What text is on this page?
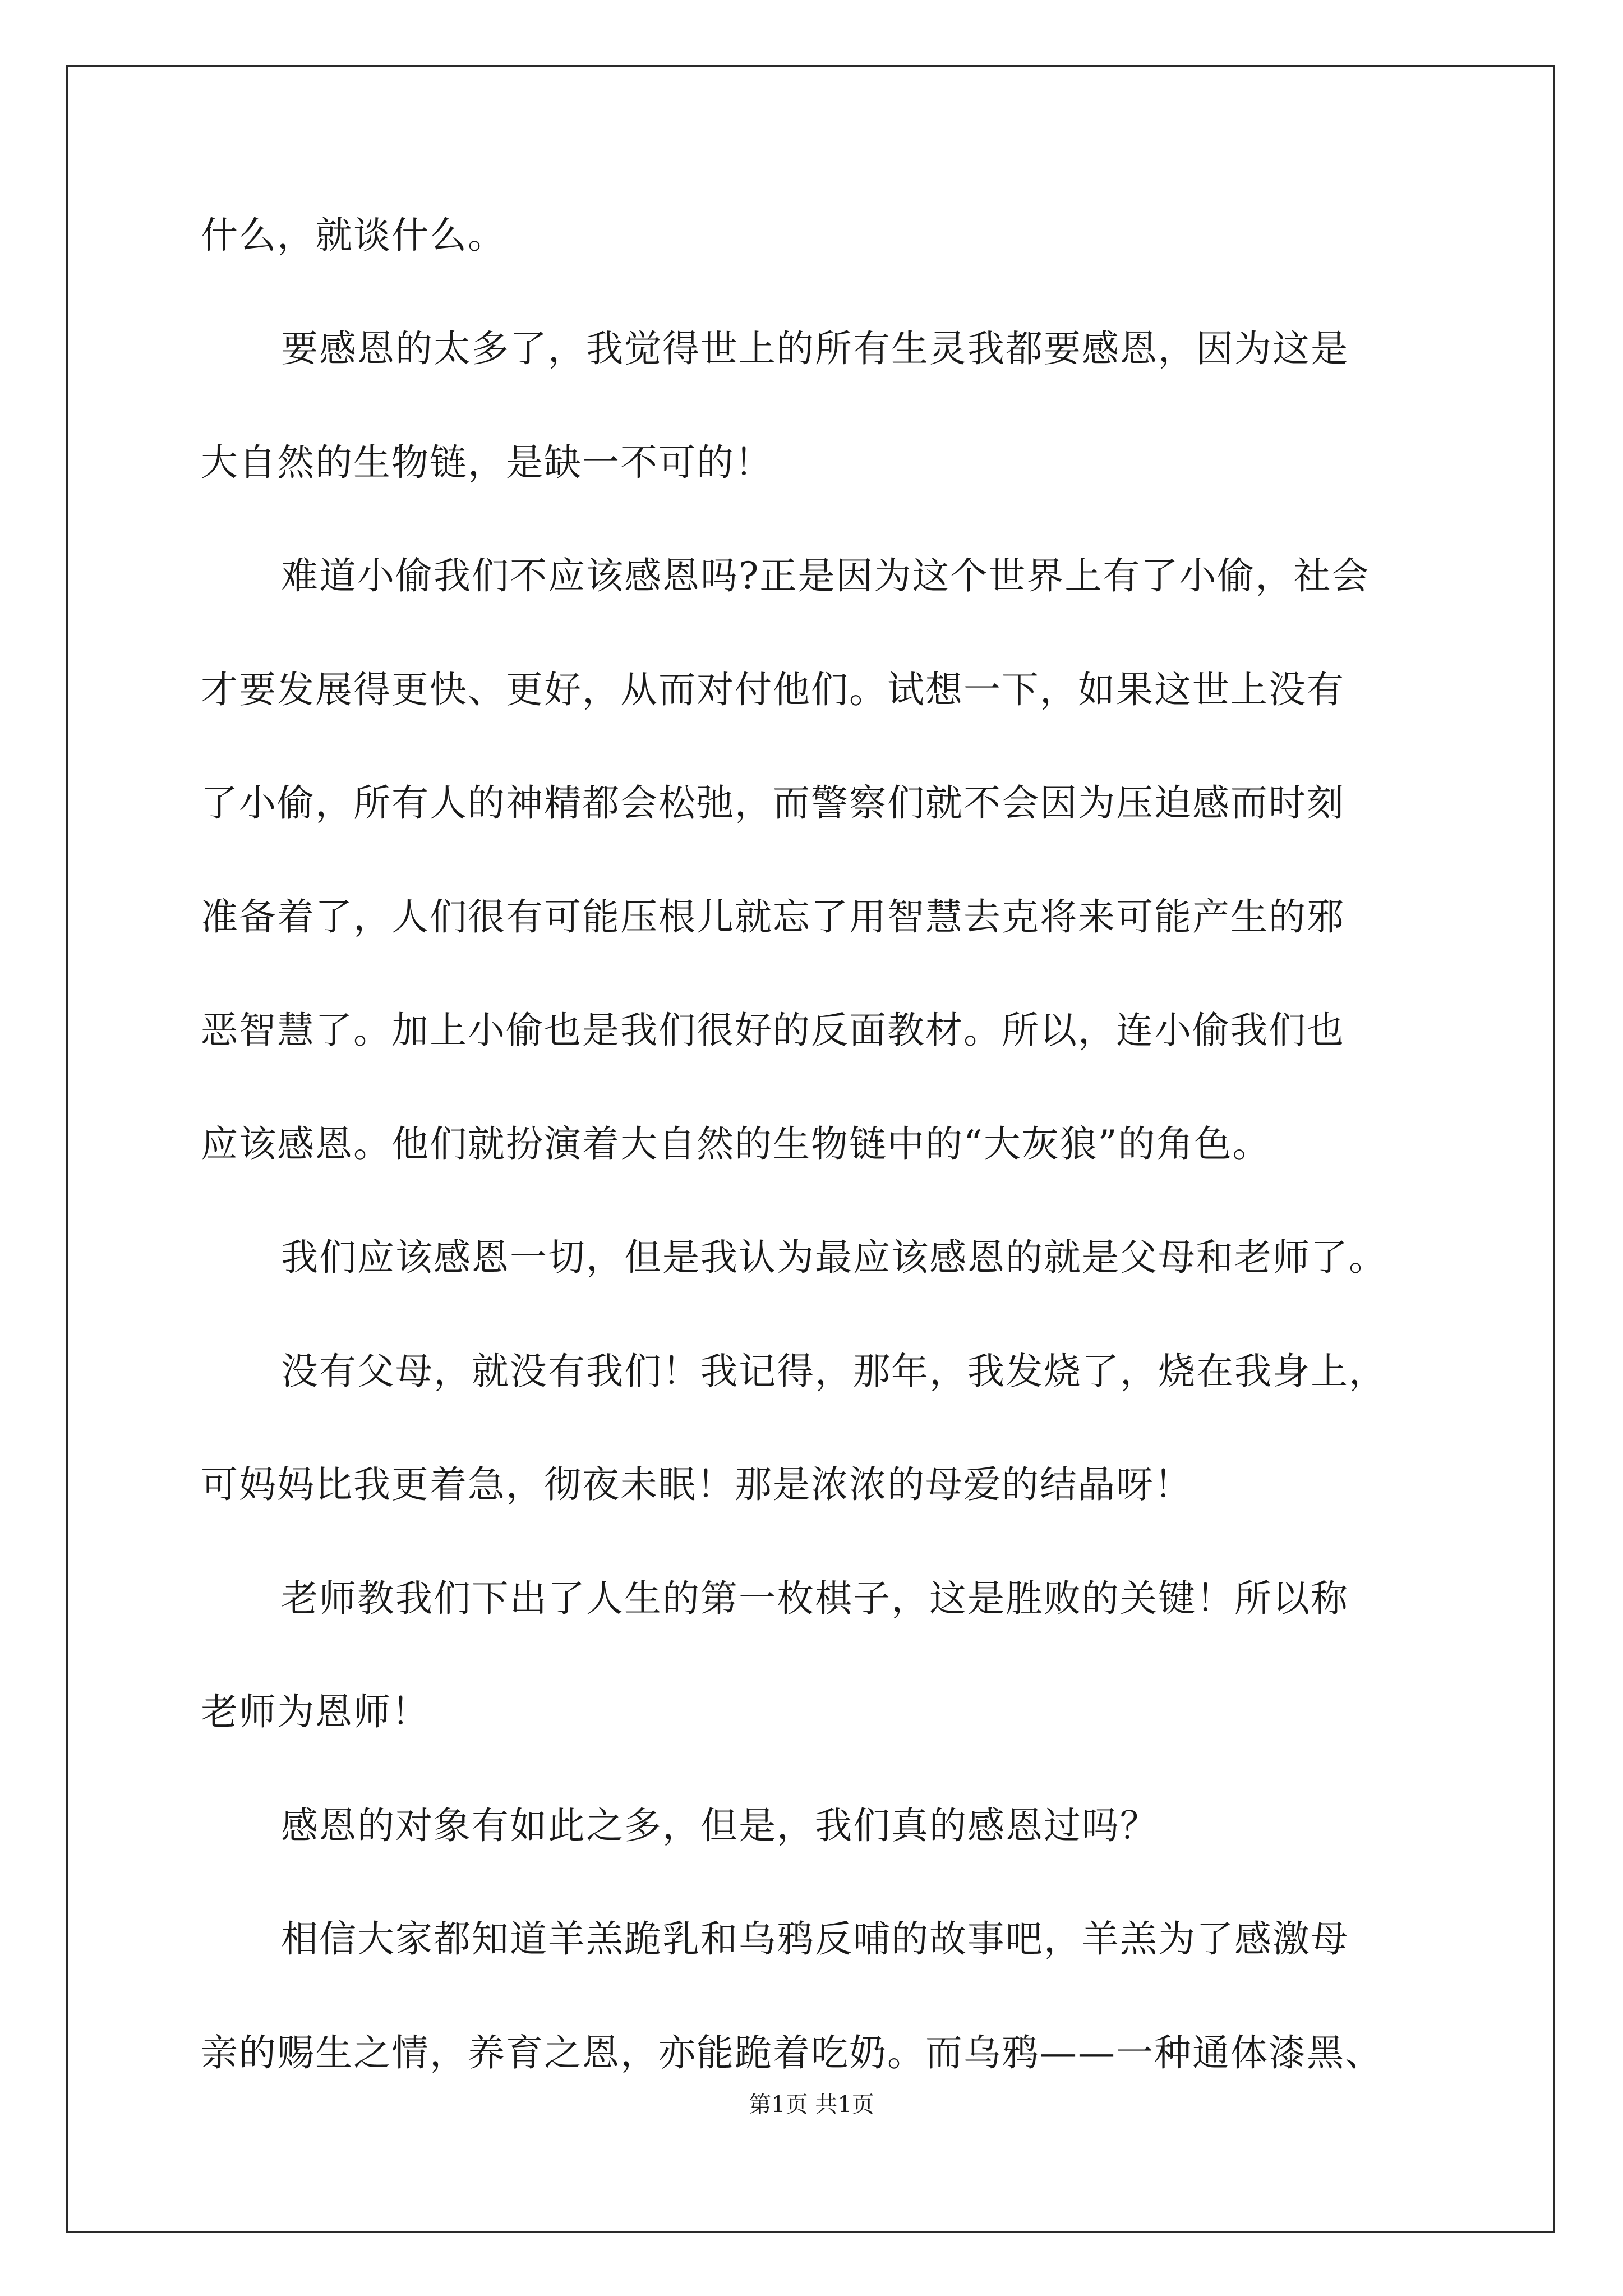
什么，就谈什么。
要感恩的太多了，我觉得世上的所有生灵我都要感恩，因为这是
大自然的生物链，是缺一不可的！
难道小偷我们不应该感恩吗?正是因为这个世界上有了小偷，社会
才要发展得更快、更好，从而对付他们。试想一下，如果这世上没有
了小偷，所有人的神精都会松弛，而警察们就不会因为压迫感而时刻
准备着了，人们很有可能压根儿就忘了用智慧去克将来可能产生的邪
恶智慧了。加上小偷也是我们很好的反面教材。所以，连小偷我们也
应该感恩。他们就扮演着大自然的生物链中的“大灰狼”的角色。
我们应该感恩一切，但是我认为最应该感恩的就是父母和老师了。
没有父母，就没有我们！我记得，那年，我发烧了，烧在我身上，
可妈妈比我更着急，彻夜未眠！那是浓浓的母爱的结晶呀！
老师教我们下出了人生的第一枚棋子，这是胜败的关键！所以称
老师为恩师！
感恩的对象有如此之多，但是，我们真的感恩过吗？
相信大家都知道羊羔跪乳和乌鸦反哺的故事吧，羊羔为了感激母
亲的赐生之情，养育之恩，亦能跪着吃奶。而乌鸦——一种通体漆黑、
第1页 共1页
